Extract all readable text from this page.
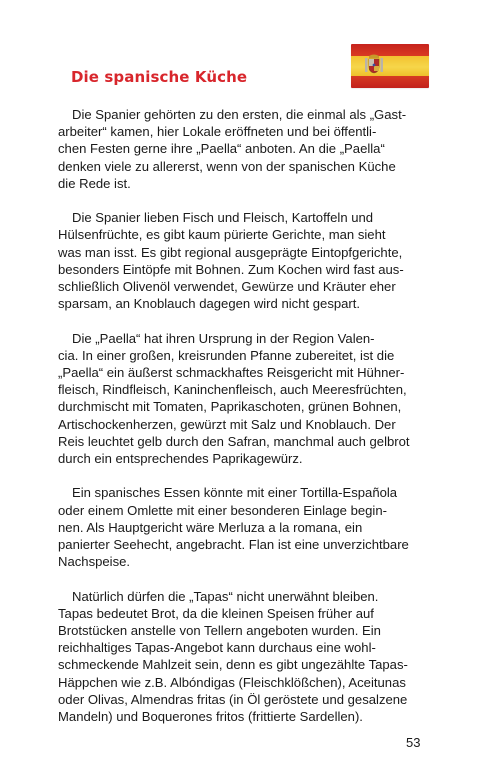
Die spanische Küche

Die Spanier gehörten zu den ersten, die einmal als „Gast-
arbeiter“ kamen, hier Lokale eröffneten und bei öffentli-
chen Festen gerne ihre „Paella“ anboten. An die „Paella“
denken viele zu allererst, wenn von der spanischen Küche
die Rede ist.

Die Spanier lieben Fisch und Fleisch, Kartoffeln und
Hülsenfrüchte, es gibt kaum pürierte Gerichte, man sieht
was man isst. Es gibt regional ausgeprägte Eintopfgerichte,
besonders Eintöpfe mit Bohnen. Zum Kochen wird fast aus-
schließlich Olivenöl verwendet, Gewürze und Kräuter eher
sparsam, an Knoblauch dagegen wird nicht gespart.

Die „Paella“ hat ihren Ursprung in der Region Valen-
cia. In einer großen, kreisrunden Pfanne zubereitet, ist die
„Paella“ ein äußerst schmackhaftes Reisgericht mit Hühner-
fleisch, Rindfleisch, Kaninchenfleisch, auch Meeresfrüchten,
durchmischt mit Tomaten, Paprikaschoten, grünen Bohnen,
Artischockenherzen, gewürzt mit Salz und Knoblauch. Der
Reis leuchtet gelb durch den Safran, manchmal auch gelbrot
durch ein entsprechendes Paprikagewürz.

Ein spanisches Essen könnte mit einer Tortilla-Española
oder einem Omlette mit einer besonderen Einlage begin-
nen. Als Hauptgericht wäre Merluza a la romana, ein
panierter Seehecht, angebracht. Flan ist eine unverzichtbare
Nachspeise.

Natürlich dürfen die „Tapas“ nicht unerwähnt bleiben.
Tapas bedeutet Brot, da die kleinen Speisen früher auf
Brotstücken anstelle von Tellern angeboten wurden. Ein
reichhaltiges Tapas-Angebot kann durchaus eine wohl-
schmeckende Mahlzeit sein, denn es gibt ungezählte Tapas-
Häppchen wie z.B. Albóndigas (Fleischklößchen), Aceitunas
oder Olivas, Almendras fritas (in Öl geröstete und gesalzene
Mandeln) und Boquerones fritos (frittierte Sardellen).

53
